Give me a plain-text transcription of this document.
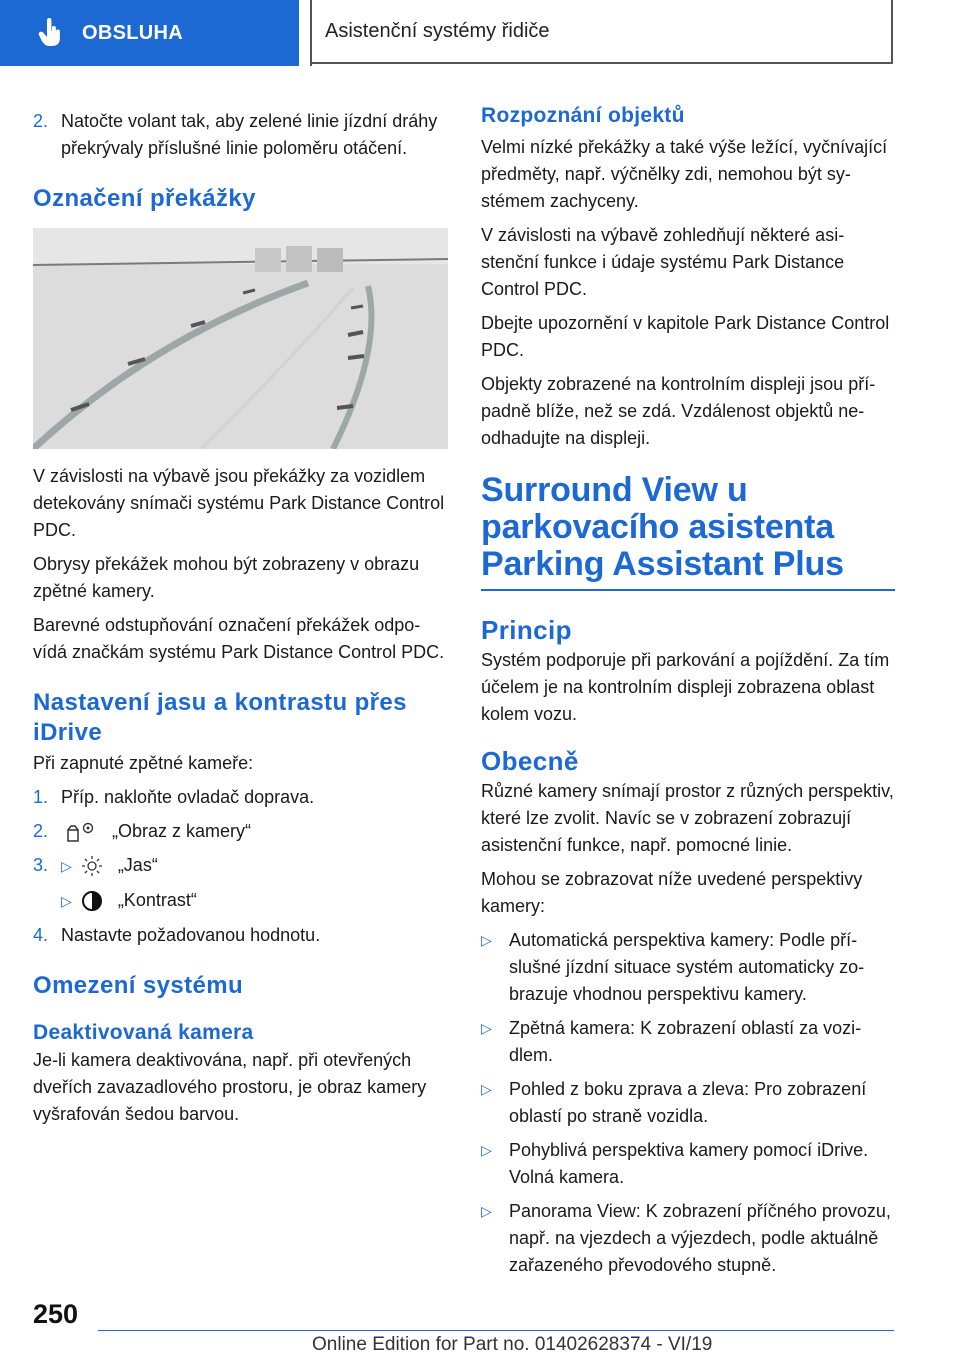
OBSLUHA	Asistenční systémy řidiče
2. Natočte volant tak, aby zelené linie jízdní dráhy překrývaly příslušné linie poloměru otáčení.
Označení překážky

V závislosti na výbavě jsou překážky za vozidlem detekovány snímači systému Park Distance Control PDC.

Obrysy překážek mohou být zobrazeny v obrazu zpětné kamery.

Barevné odstupňování označení překážek odpovídá značkám systému Park Distance Control PDC.

Nastavení jasu a kontrastu přes iDrive

Při zapnuté zpětné kameře:

1. Příp. nakloňte ovladač doprava.
2.	„Obraz z kamery“
3. ▷	„Jas“
▷	„Kontrast“
4. Nastavte požadovanou hodnotu.
Omezení systému
Deaktivovaná kamera

Je-li kamera deaktivována, např. při otevřených dveřích zavazadlového prostoru, je obraz kamery vyšrafován šedou barvou.

Rozpoznání objektů

Velmi nízké překážky a také výše ležící, vyčnívající předměty, např. výčnělky zdi, nemohou být systémem zachyceny.

V závislosti na výbavě zohledňují některé asistenční funkce i údaje systému Park Distance Control PDC.

Dbejte upozornění v kapitole Park Distance Control PDC.

Objekty zobrazené na kontrolním displeji jsou případně blíže, než se zdá. Vzdálenost objektů neodhadujte na displeji.

Surround View u parkovacího asistenta Parking Assistant Plus
Princip

Systém podporuje při parkování a pojíždění. Za tím účelem je na kontrolním displeji zobrazena oblast kolem vozu.

Obecně

Různé kamery snímají prostor z různých perspektiv, které lze zvolit. Navíc se v zobrazení zobrazují asistenční funkce, např. pomocné linie.

Mohou se zobrazovat níže uvedené perspektivy kamery:

▷ Automatická perspektiva kamery: Podle příslušné jízdní situace systém automaticky zobrazuje vhodnou perspektivu kamery.
▷ Zpětná kamera: K zobrazení oblastí za vozidlem.
▷ Pohled z boku zprava a zleva: Pro zobrazení oblastí po straně vozidla.
▷ Pohyblivá perspektiva kamery pomocí iDrive. Volná kamera.
▷ Panorama View: K zobrazení příčného provozu, např. na vjezdech a výjezdech, podle aktuálně zařazeného převodového stupně.
250
Online Edition for Part no. 01402628374 - VI/19
